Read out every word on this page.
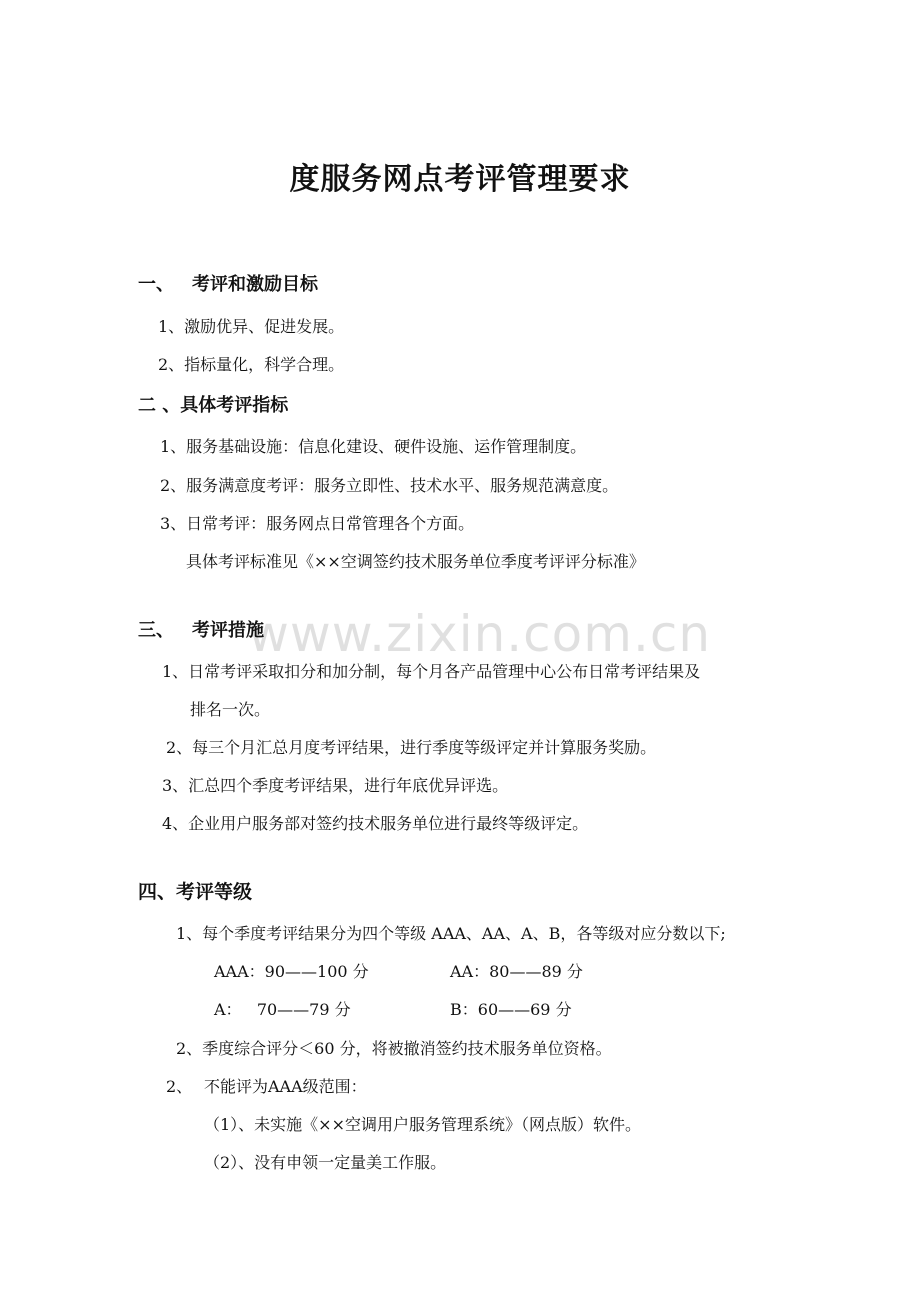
度服务网点考评管理要求
一、 考评和激励目标
1、激励优异、促进发展。
2、指标量化，科学合理。
二 、具体考评指标
1、服务基础设施：信息化建设、硬件设施、运作管理制度。
2、服务满意度考评：服务立即性、技术水平、服务规范满意度。
3、日常考评：服务网点日常管理各个方面。
具体考评标准见《××空调签约技术服务单位季度考评评分标准》
www.zixin.com.cn
三、 考评措施
1、日常考评采取扣分和加分制，每个月各产品管理中心公布日常考评结果及
排名一次。
2、每三个月汇总月度考评结果，进行季度等级评定并计算服务奖励。
3、汇总四个季度考评结果，进行年底优异评选。
4、企业用户服务部对签约技术服务单位进行最终等级评定。
四、考评等级
1、每个季度考评结果分为四个等级 AAA、AA、A、B，各等级对应分数以下;
AAA：90——100 分	AA：80——89 分
A：   70——79 分	B：60——69 分
2、季度综合评分＜60 分，将被撤消签约技术服务单位资格。
2、 不能评为AAA级范围：
（1）、未实施《××空调用户服务管理系统》（网点版）软件。
（2）、没有申领一定量美工作服。
